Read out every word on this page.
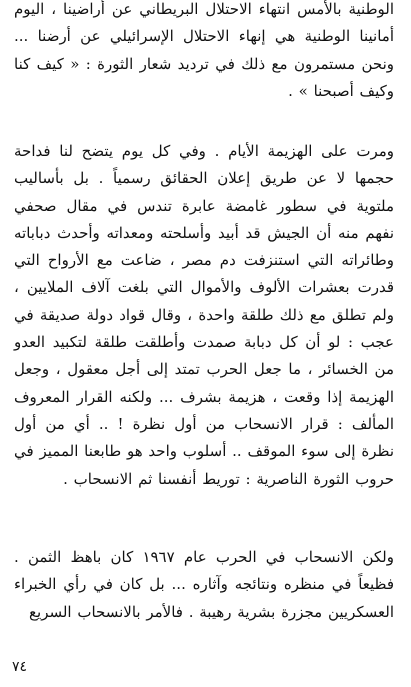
الوطنية بالأمس انتهاء الاحتلال البريطاني عن أراضينا ، اليوم أمانينا الوطنية هي إنهاء الاحتلال الإسرائيلي عن أرضنا ... ونحن مستمرون مع ذلك في ترديد شعار الثورة : « كيف كنا وكيف أصبحنا » .
ومرت على الهزيمة الأيام . وفي كل يوم يتضح لنا فداحة حجمها لا عن طريق إعلان الحقائق رسمياً . بل بأساليب ملتوية في سطور غامضة عابرة تندس في مقال صحفي نفهم منه أن الجيش قد أبيد وأسلحته ومعداته وأحدث دباباته وطائراته التي استنزفت دم مصر ، ضاعت مع الأرواح التي قدرت بعشرات الألوف والأموال التي بلغت آلاف الملايين ، ولم تطلق مع ذلك طلقة واحدة ، وقال قواد دولة صديقة في عجب : لو أن كل دبابة صمدت وأطلقت طلقة لتكبيد العدو من الخسائر ، ما جعل الحرب تمتد إلى أجل معقول ، وجعل الهزيمة إذا وقعت ، هزيمة بشرف ... ولكنه القرار المعروف المألف : قرار الانسحاب من أول نظرة ! .. أي من أول نظرة إلى سوء الموقف .. أسلوب واحد هو طابعنا المميز في حروب الثورة الناصرية : توريط أنفسنا ثم الانسحاب .
ولكن الانسحاب في الحرب عام ١٩٦٧ كان باهظ الثمن . فظيعاً في منظره ونتائجه وآثاره ... بل كان في رأي الخبراء العسكريين مجزرة بشرية رهيبة . فالأمر بالانسحاب السريع
٧٤
